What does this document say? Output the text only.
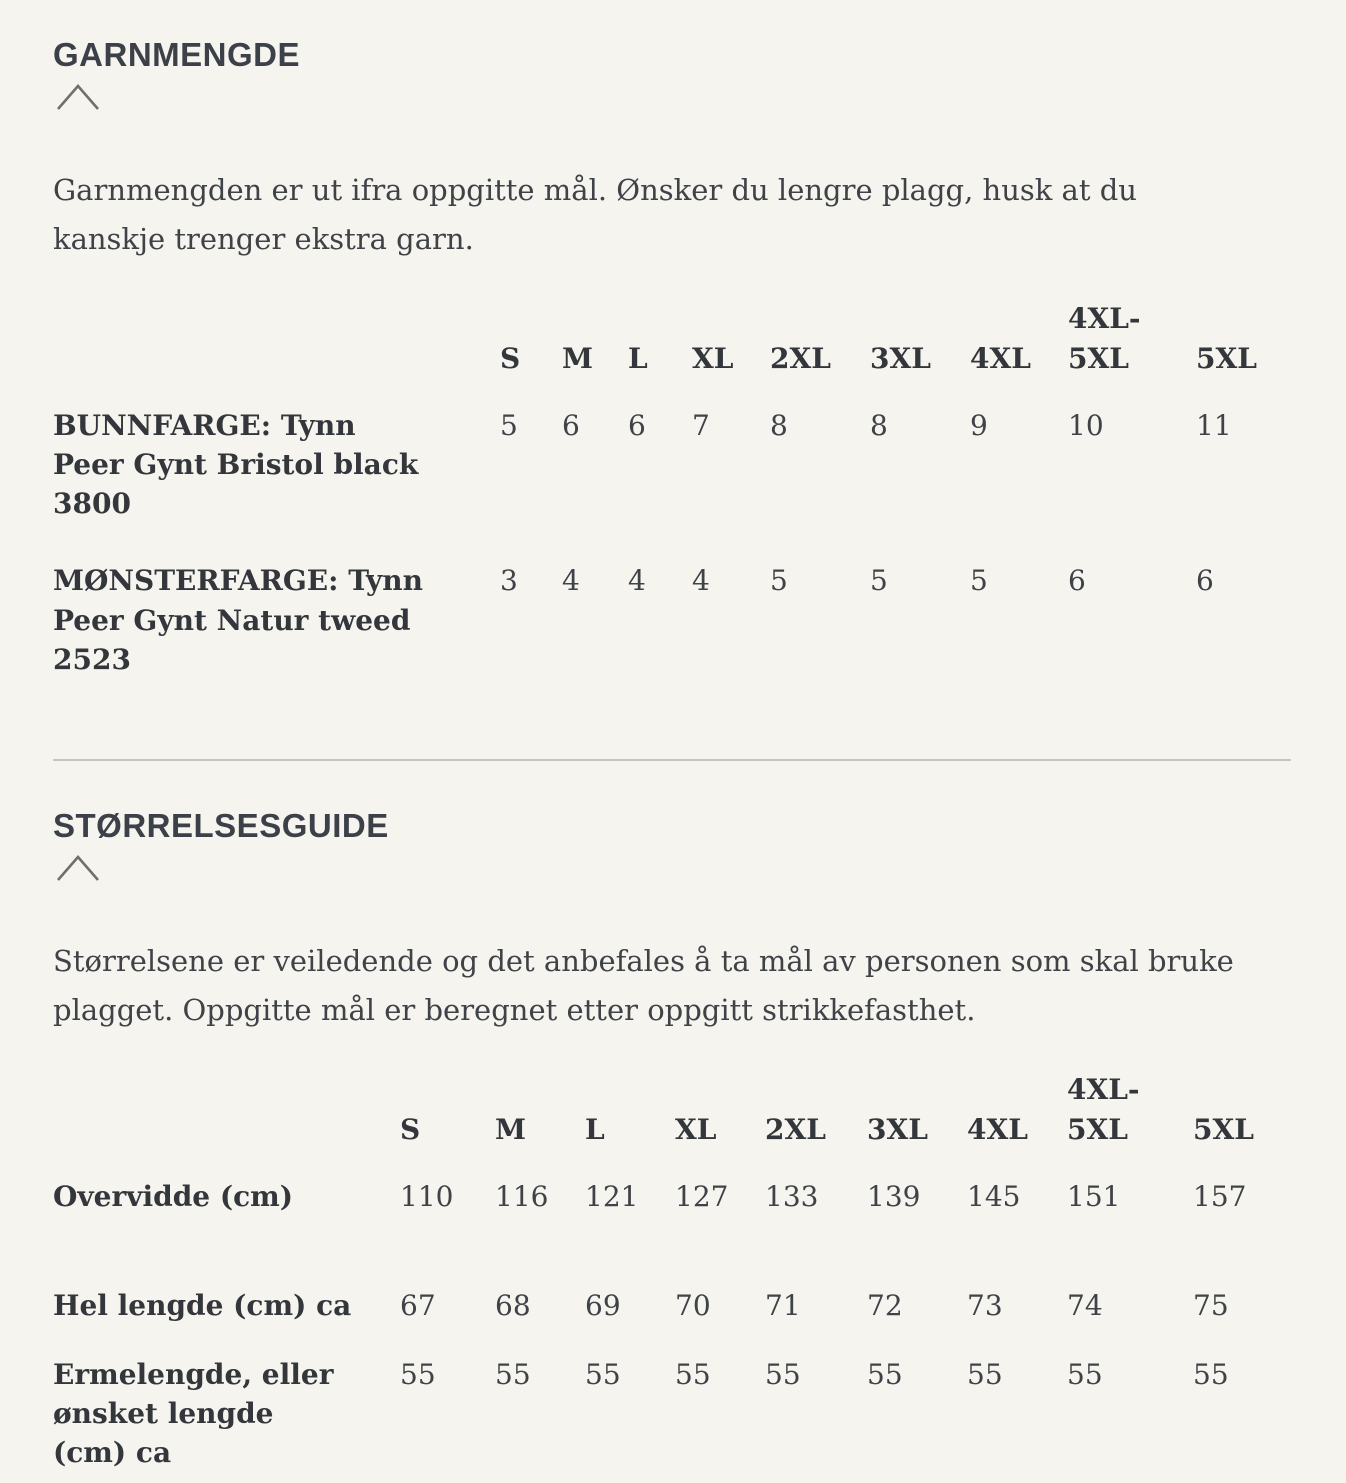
GARNMENGDE

Garnmengden er ut ifra oppgitte mål. Ønsker du lengre plagg, husk at du kanskje trenger ekstra garn.

	S	M	L	XL	2XL	3XL	4XL	4XL-5XL	5XL
BUNNFARGE: Tynn Peer Gynt Bristol black 3800	5	6	6	7	8	8	9	10	11
MØNSTERFARGE: Tynn Peer Gynt Natur tweed 2523	3	4	4	4	5	5	5	6	6
STØRRELSESGUIDE

Størrelsene er veiledende og det anbefales å ta mål av personen som skal bruke plagget. Oppgitte mål er beregnet etter oppgitt strikkefasthet.

	S	M	L	XL	2XL	3XL	4XL	4XL-5XL	5XL
Overvidde (cm)	110	116	121	127	133	139	145	151	157
Hel lengde (cm) ca	67	68	69	70	71	72	73	74	75
Ermelengde, eller ønsket lengde (cm) ca	55	55	55	55	55	55	55	55	55
